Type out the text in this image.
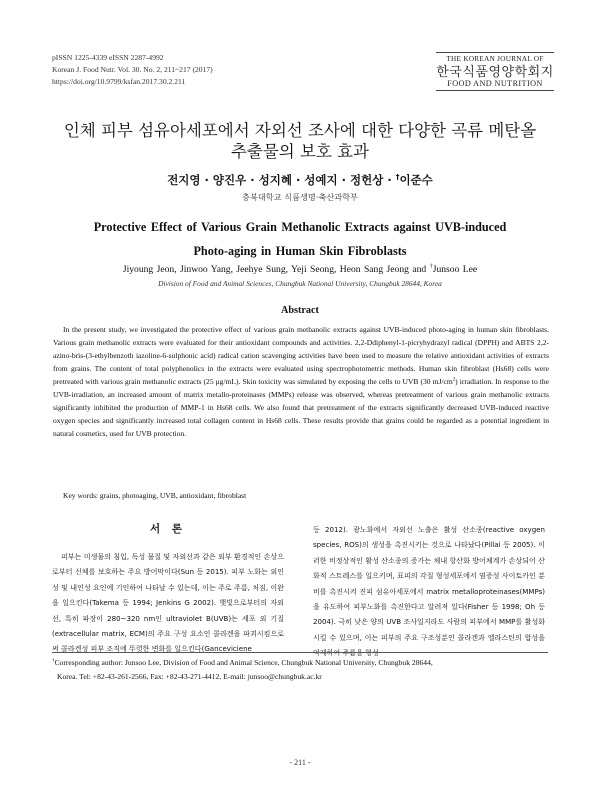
pISSN 1225-4339 eISSN 2287-4992
Korean J. Food Nutr. Vol. 30. No. 2, 211~217 (2017)
https://doi.org/10.9799/ksfan.2017.30.2.211
THE KOREAN JOURNAL OF
한국식품영양학회지
FOOD AND NUTRITION
인체 피부 섬유아세포에서 자외선 조사에 대한 다양한 곡류 메탄올
추출물의 보호 효과
전지영 · 양진우 · 성지혜 · 성예지 · 정헌상 · †이준수
충북대학교 식품생명·축산과학부
Protective Effect of Various Grain Methanolic Extracts against UVB-induced
Photo-aging in Human Skin Fibroblasts
Jiyoung Jeon, Jinwoo Yang, Jeehye Sung, Yeji Seong, Heon Sang Jeong and †Junsoo Lee
Division of Food and Animal Sciences, Chungbuk National University, Chungbuk 28644, Korea
Abstract

In the present study, we investigated the protective effect of various grain methanolic extracts against UVB-induced photo-aging in human skin fibroblasts. Various grain methanolic extracts were evaluated for their antioxidant compounds and activities. 2,2-Ddiphenyl-1-picryhydrazyl radical (DPPH) and ABTS 2,2-azino-bris-(3-ethylbenzoth iazoline-6-sulphonic acid) radical cation scavenging activities have been used to measure the relative antioxidant activities of extracts from grains. The content of total polyphenolics in the extracts were evaluated using spectrophotometric methods. Human skin fibroblast (Hs68) cells were pretreated with various grain methanolic extracts (25 μg/mL). Skin toxicity was simulated by exposing the cells to UVB (30 $mJ/cm^2$) irradiation. In response to the UVB-irradiation, an increased amount of matrix metallo-proteinases (MMPs) release was observed, whereas pretreatment of various grain methanolic extracts significantly inhibited the production of MMP-1 in Hs68 cells. We also found that pretreatment of the extracts significantly decreased UVB-induced reactive oxygen species and significantly increased total collagen content in Hs68 cells. These results provide that grains could be regarded as a potential ingredient in natural cosmetics, used for UVB protection.

Key words: grains, photoaging, UVB, antioxidant, fibroblast
서 론

피부는 미생물의 침입, 독성 물질 및 자외선과 같은 외부 환경적인 손상으로부터 신체를 보호하는 주요 방어막이다(Sun 등 2015). 피부 노화는 외인성 및 내인성 요인에 기인하여 나타날 수 있는데, 이는 주로 주름, 처짐, 이완을 일으킨다(Takema 등 1994; Jenkins G 2002). 햇빛으로부터의 자외선, 특히 파장이 280~320 nm인 ultraviolet B(UVB)는 세포 외 기질(extracellular matrix, ECM)의 주요 구성 요소인 콜라겐을 파괴시킴으로써 콜라겐성 피부 조직에 뚜렷한 변화를 일으킨다(Ganceviciene

등 2012). 광노화에서 자외선 노출은 활성 산소종(reactive oxygen species, ROS)의 생성을 촉진시키는 것으로 나타났다(Pillai 등 2005). 이러한 비정상적인 활성 산소종의 증가는 체내 항산화 방어체계가 손상되어 산화적 스트레스를 일으키며, 표피의 각질 형성세포에서 염증성 사이토카인 분비를 촉진시켜 진피 섬유아세포에서 matrix metalloproteinases(MMPs)을 유도하여 피부노화를 촉진한다고 알려져 있다(Fisher 등 1998; Oh 등 2004). 극히 낮은 양의 UVB 조사일지라도 사람의 피부에서 MMP를 활성화 시킬 수 있으며, 이는 피부의 주요 구조성분인 콜라겐과 엘라스틴의 합성을 억제하여 주름을 형성

†Corresponding author: Junsoo Lee, Division of Food and Animal Science, Chungbuk National University, Chungbuk 28644,
Korea. Tel: +82-43-261-2566, Fax: +82-43-271-4412, E-mail: junsoo@chungbuk.ac.kr
- 211 -
